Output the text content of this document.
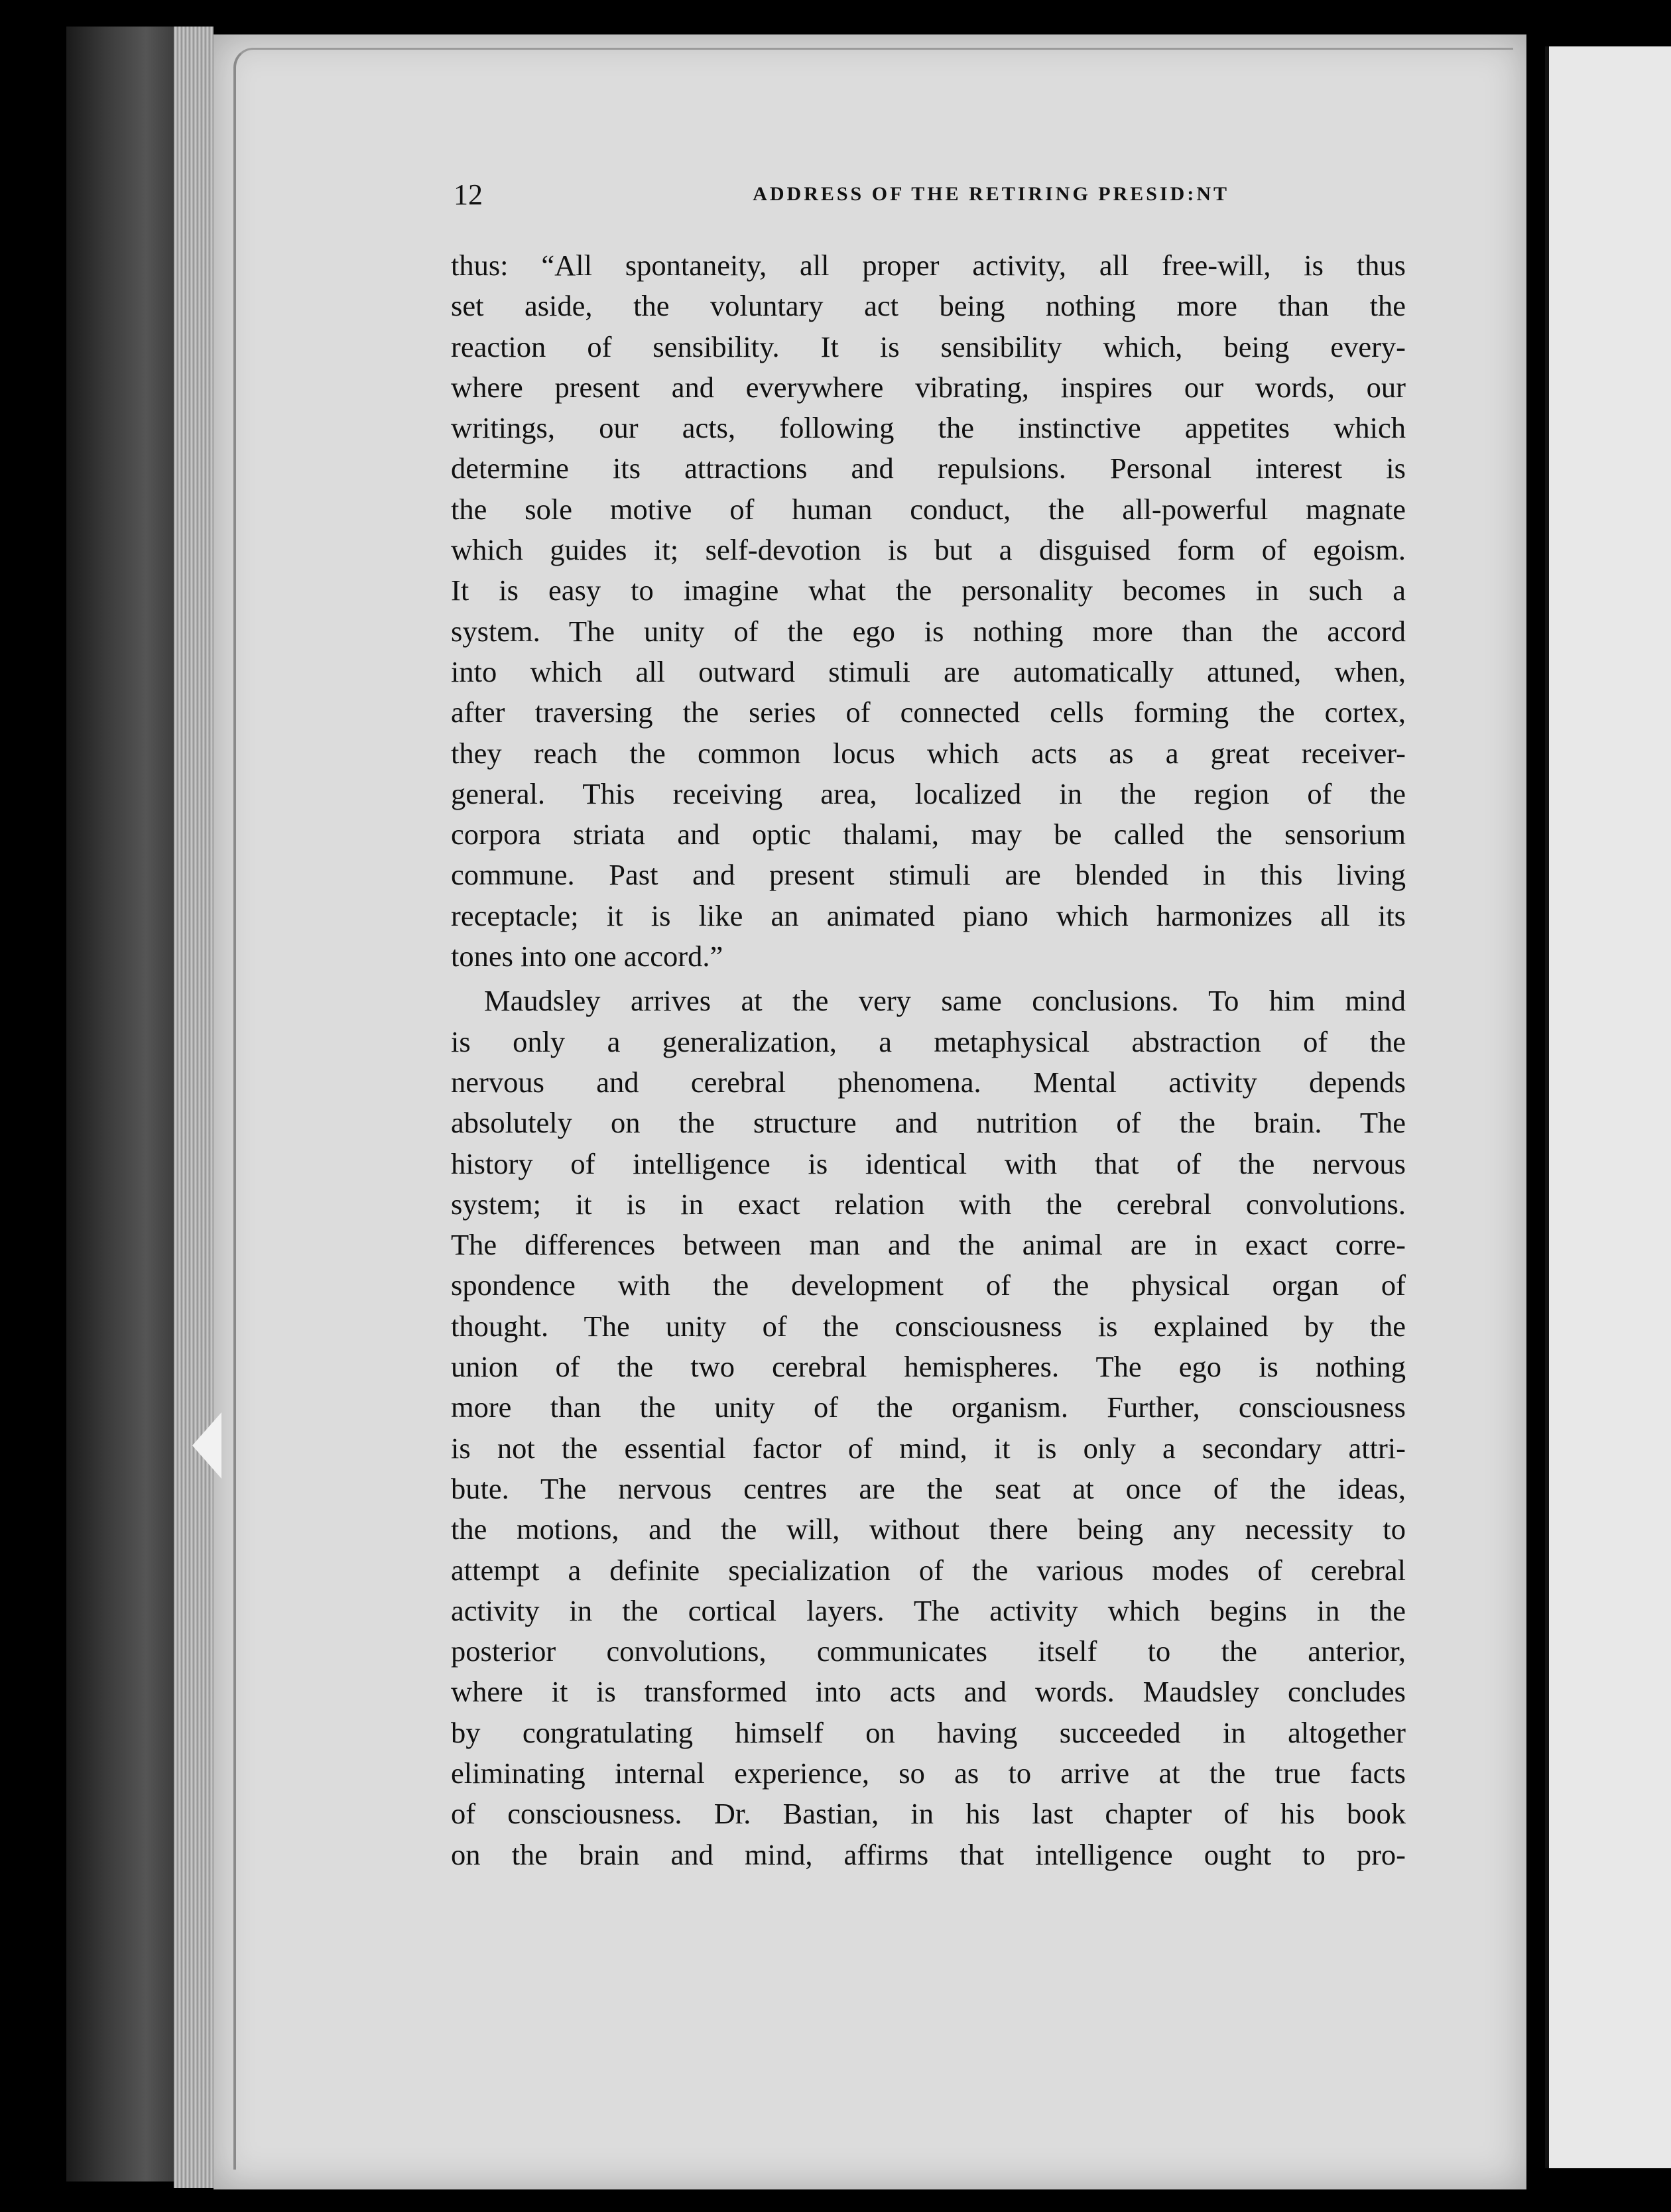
12	ADDRESS OF THE RETIRING PRESID:NT
thus: “All spontaneity, all proper activity, all free-will, is thus
set aside, the voluntary act being nothing more than the
reaction of sensibility. It is sensibility which, being every-
where present and everywhere vibrating, inspires our words, our
writings, our acts, following the instinctive appetites which
determine its attractions and repulsions. Personal interest is
the sole motive of human conduct, the all-powerful magnate
which guides it; self-devotion is but a disguised form of egoism.
It is easy to imagine what the personality becomes in such a
system. The unity of the ego is nothing more than the accord
into which all outward stimuli are automatically attuned, when,
after traversing the series of connected cells forming the cortex,
they reach the common locus which acts as a great receiver-
general. This receiving area, localized in the region of the
corpora striata and optic thalami, may be called the sensorium
commune. Past and present stimuli are blended in this living
receptacle; it is like an animated piano which harmonizes all its
tones into one accord.”
Maudsley arrives at the very same conclusions. To him mind
is only a generalization, a metaphysical abstraction of the
nervous and cerebral phenomena. Mental activity depends
absolutely on the structure and nutrition of the brain. The
history of intelligence is identical with that of the nervous
system; it is in exact relation with the cerebral convolutions.
The differences between man and the animal are in exact corre-
spondence with the development of the physical organ of
thought. The unity of the consciousness is explained by the
union of the two cerebral hemispheres. The ego is nothing
more than the unity of the organism. Further, consciousness
is not the essential factor of mind, it is only a secondary attri-
bute. The nervous centres are the seat at once of the ideas,
the motions, and the will, without there being any necessity to
attempt a definite specialization of the various modes of cerebral
activity in the cortical layers. The activity which begins in the
posterior convolutions, communicates itself to the anterior,
where it is transformed into acts and words. Maudsley concludes
by congratulating himself on having succeeded in altogether
eliminating internal experience, so as to arrive at the true facts
of consciousness. Dr. Bastian, in his last chapter of his book
on the brain and mind, affirms that intelligence ought to pro-
